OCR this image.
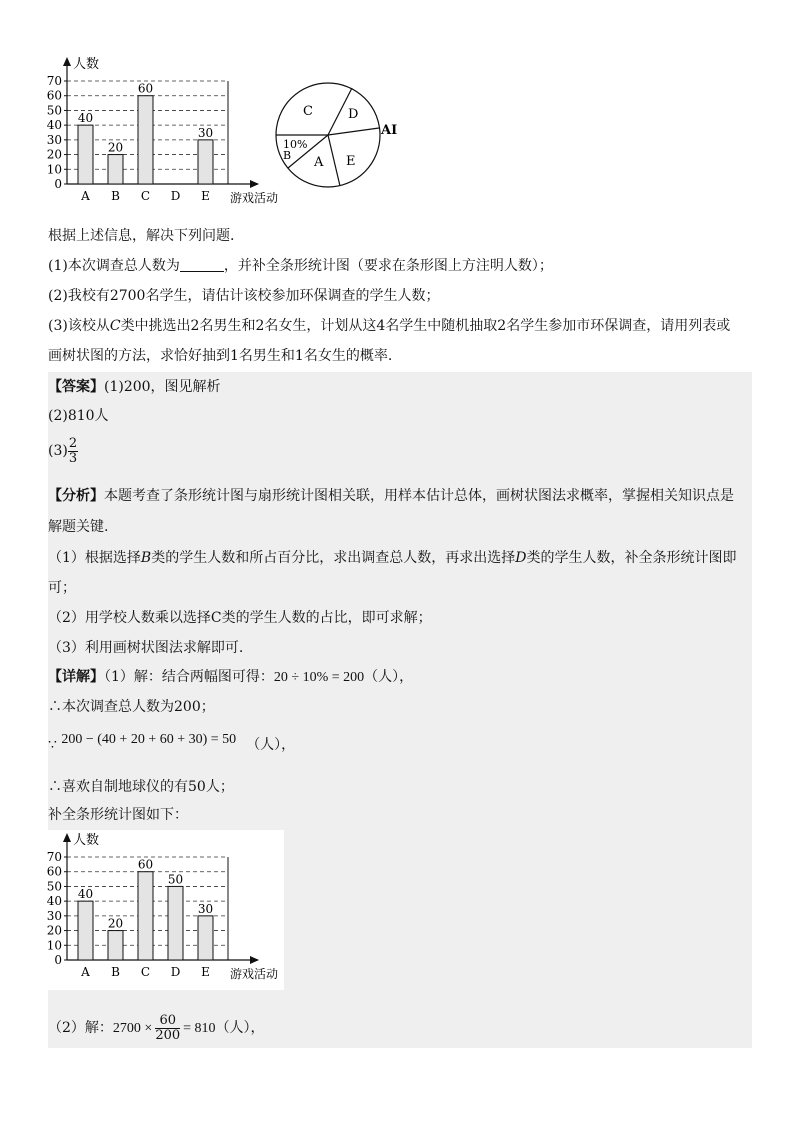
0
10
20
30
40
50
60
70
人数
游戏活动
40
A
20
B
60
C D
30
E
C	D
10%
B A E
AI
根据上述信息，解决下列问题.
(1)本次调查总人数为	，并补全条形统计图（要求在条形图上方注明人数）；
(2)我校有2700名学生，请估计该校参加环保调查的学生人数；
(3)该校从C类中挑选出2名男生和2名女生，计划从这4名学生中随机抽取2名学生参加市环保调查，请用列表或
画树状图的方法，求恰好抽到1名男生和1名女生的概率.
【答案】(1)200，图见解析
(2)810人
$(3) \frac{2}{3}$
【分析】本题考查了条形统计图与扇形统计图相关联，用样本估计总体，画树状图法求概率，掌握相关知识点是
解题关键.
（1）根据选择B类的学生人数和所占百分比，求出调查总人数，再求出选择D类的学生人数，补全条形统计图即
可；
（2）用学校人数乘以选择C类的学生人数的占比，即可求解；
（3）利用画树状图法求解即可.
【详解】（1）解：结合两幅图可得：20 ÷ 10% = 200（人），
∴本次调查总人数为200；
∵ 200 − (40 + 20 + 60 + 30) = 50 （人），
∴喜欢自制地球仪的有50人；
补全条形统计图如下：
0
10
20
30
40
50
60
70
人数
游戏活动
40
A
20
B
60
C
50
D
30
E
（2）解：$2700 \times \frac{60}{200} = 810$（人），
